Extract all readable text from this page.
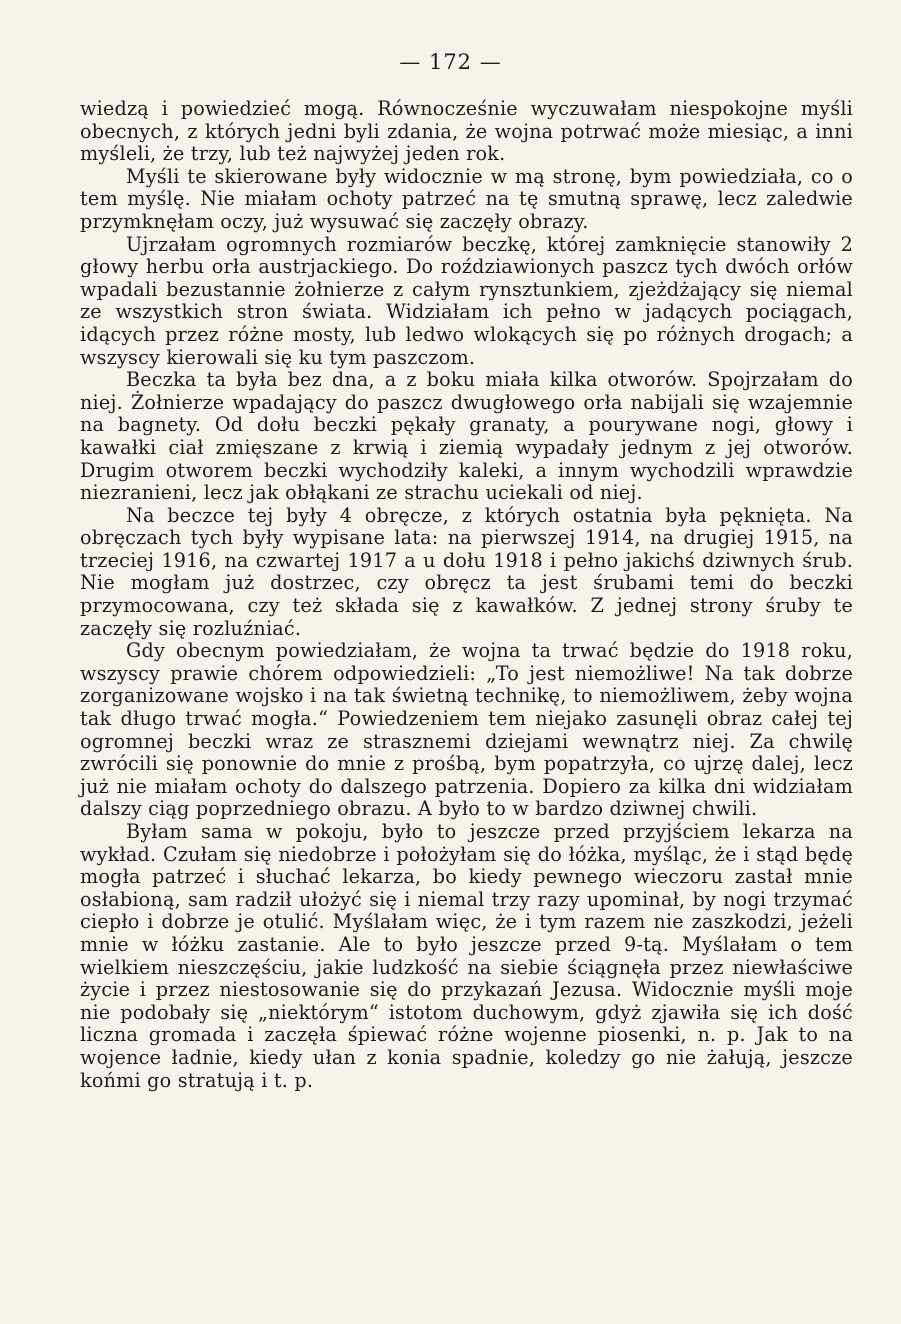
— 172 —

wiedzą i powiedzieć mogą. Równocześnie wyczuwałam niespokojne myśli obecnych, z których jedni byli zdania, że wojna potrwać może miesiąc, a inni myśleli, że trzy, lub też najwyżej jeden rok.

Myśli te skierowane były widocznie w mą stronę, bym powiedziała, co o tem myślę. Nie miałam ochoty patrzeć na tę smutną sprawę, lecz zaledwie przymknęłam oczy, już wysuwać się zaczęły obrazy.

Ujrzałam ogromnych rozmiarów beczkę, której zamknięcie stanowiły 2 głowy herbu orła austrjackiego. Do roździawionych paszcz tych dwóch orłów wpadali bezustannie żołnierze z całym rynsztunkiem, zjeżdżający się niemal ze wszystkich stron świata. Widziałam ich pełno w jadących pociągach, idących przez różne mosty, lub ledwo wlokących się po różnych drogach; a wszyscy kierowali się ku tym paszczom.

Beczka ta była bez dna, a z boku miała kilka otworów. Spojrzałam do niej. Żołnierze wpadający do paszcz dwugłowego orła nabijali się wzajemnie na bagnety. Od dołu beczki pękały granaty, a pourywane nogi, głowy i kawałki ciał zmięszane z krwią i ziemią wypadały jednym z jej otworów. Drugim otworem beczki wychodziły kaleki, a innym wychodzili wprawdzie niezranieni, lecz jak obłąkani ze strachu uciekali od niej.

Na beczce tej były 4 obręcze, z których ostatnia była pęknięta. Na obręczach tych były wypisane lata: na pierwszej 1914, na drugiej 1915, na trzeciej 1916, na czwartej 1917 a u dołu 1918 i pełno jakichś dziwnych śrub. Nie mogłam już dostrzec, czy obręcz ta jest śrubami temi do beczki przymocowana, czy też składa się z kawałków. Z jednej strony śruby te zaczęły się rozluźniać.

Gdy obecnym powiedziałam, że wojna ta trwać będzie do 1918 roku, wszyscy prawie chórem odpowiedzieli: „To jest niemożliwe! Na tak dobrze zorganizowane wojsko i na tak świetną technikę, to niemożliwem, żeby wojna tak długo trwać mogła.“ Powiedzeniem tem niejako zasunęli obraz całej tej ogromnej beczki wraz ze strasznemi dziejami wewnątrz niej. Za chwilę zwrócili się ponownie do mnie z prośbą, bym popatrzyła, co ujrzę dalej, lecz już nie miałam ochoty do dalszego patrzenia. Dopiero za kilka dni widziałam dalszy ciąg poprzedniego obrazu. A było to w bardzo dziwnej chwili.

Byłam sama w pokoju, było to jeszcze przed przyjściem lekarza na wykład. Czułam się niedobrze i położyłam się do łóżka, myśląc, że i stąd będę mogła patrzeć i słuchać lekarza, bo kiedy pewnego wieczoru zastał mnie osłabioną, sam radził ułożyć się i niemal trzy razy upominał, by nogi trzymać ciepło i dobrze je otulić. Myślałam więc, że i tym razem nie zaszkodzi, jeżeli mnie w łóżku zastanie. Ale to było jeszcze przed 9-tą. Myślałam o tem wielkiem nieszczęściu, jakie ludzkość na siebie ściągnęła przez niewłaściwe życie i przez niestosowanie się do przykazań Jezusa. Widocznie myśli moje nie podobały się „niektórym“ istotom duchowym, gdyż zjawiła się ich dość liczna gromada i zaczęła śpiewać różne wojenne piosenki, n. p. Jak to na wojence ładnie, kiedy ułan z konia spadnie, koledzy go nie żałują, jeszcze końmi go stratują i t. p.
